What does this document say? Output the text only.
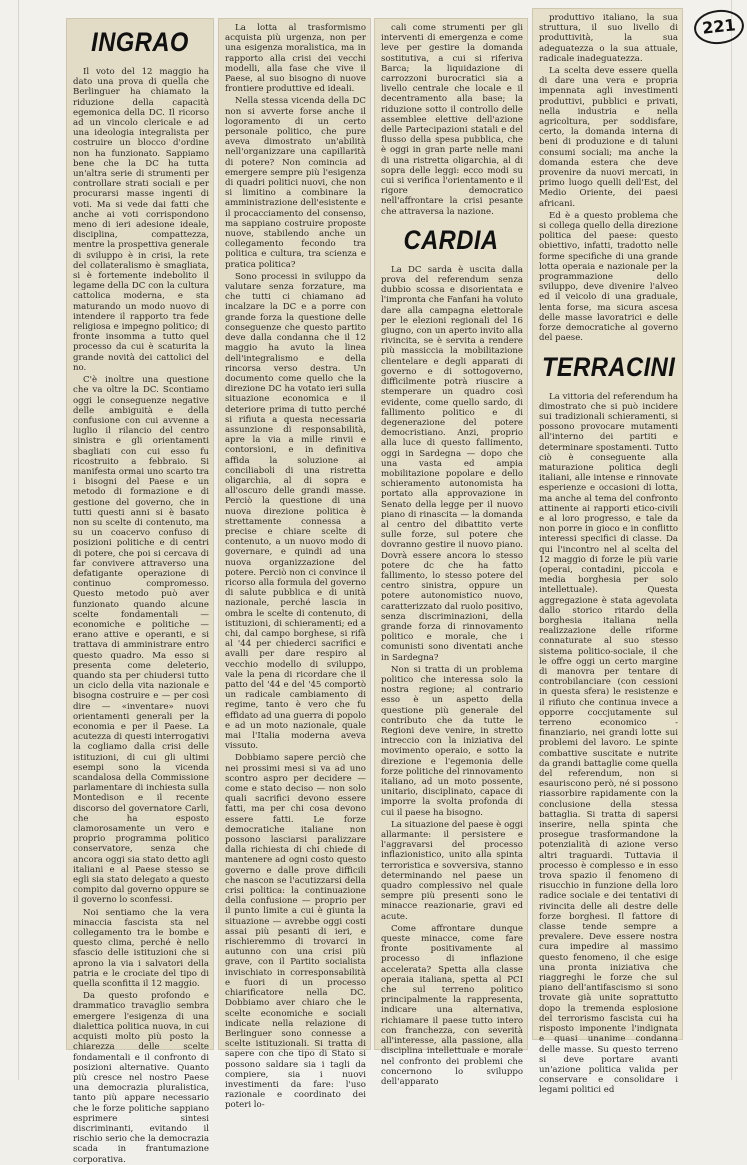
221
INGRAO

Il voto del 12 maggio ha dato una prova di quella che Berlinguer ha chiamato la riduzione della capacità egemonica della DC. Il ricorso ad un vincolo clericale e ad una ideologia integralista per costruire un blocco d'ordine non ha funzionato. Sappiamo bene che la DC ha tutta un'altra serie di strumenti per controllare strati sociali e per procurarsi masse ingenti di voti. Ma si vede dai fatti che anche ai voti corrispondono meno di ieri adesione ideale, disciplina, compattezza, mentre la prospettiva generale di sviluppo è in crisi, la rete del collateralismo è smagliata, si è fortemente indebolito il legame della DC con la cultura cattolica moderna, e sta maturando un modo nuovo di intendere il rapporto tra fede religiosa e impegno politico; di fronte insomma a tutto quel processo da cui è scaturita la grande novità dei cattolici del no.

C'è inoltre una questione che va oltre la DC. Scontiamo oggi le conseguenze negative delle ambiguità e della confusione con cui avvenne a luglio il rilancio del centro sinistra e gli orientamenti sbagliati con cui esso fu ricostruito a febbraio. Si manifesta ormai uno scarto tra i bisogni del Paese e un metodo di formazione e di gestione del governo, che in tutti questi anni si è basato non su scelte di contenuto, ma su un coacervo confuso di posizioni politiche e di centri di potere, che poi si cercava di far convivere attraverso una defatigante operazione di continuo compromesso. Questo metodo può aver funzionato quando alcune scelte fondamentali — economiche e politiche — erano attive e operanti, e si trattava di amministrare entro questo quadro. Ma esso si presenta come deleterio, quando sta per chiudersi tutto un ciclo della vita nazionale e bisogna costruire e — per così dire — «inventare» nuovi orientamenti generali per la economia e per il Paese. La acutezza di questi interrogativi la cogliamo dalla crisi delle istituzioni, di cui gli ultimi esempi sono la vicenda scandalosa della Commissione parlamentare di inchiesta sulla Montedison e il recente discorso del governatore Carli, che ha esposto clamorosamente un vero e proprio programma politico conservatore, senza che ancora oggi sia stato detto agli italiani e al Paese stesso se egli sia stato delegato a questo compito dal governo oppure se il governo lo sconfessi.

Noi sentiamo che la vera minaccia fascista sta nel collegamento tra le bombe e questo clima, perché è nello sfascio delle istituzioni che si aprono la via i salvatori della patria e le crociate del tipo di quella sconfitta il 12 maggio.

Da questo profondo e drammatico travaglio sembra emergere l'esigenza di una dialettica politica nuova, in cui acquisti molto più posto la chiarezza delle scelte fondamentali e il confronto di posizioni alternative. Quanto più cresce nel nostro Paese una democrazia pluralistica, tanto più appare necessario che le forze politiche sappiano esprimere sintesi discriminanti, evitando il rischio serio che la democrazia scada in frantumazione corporativa.

La lotta al trasformismo acquista più urgenza, non per una esigenza moralistica, ma in rapporto alla crisi dei vecchi modelli, alla fase che vive il Paese, al suo bisogno di nuove frontiere produttive ed ideali.

Nella stessa vicenda della DC non si avverte forse anche il logoramento di un certo personale politico, che pure aveva dimostrato un'abilità nell'organizzare una capillarità di potere? Non comincia ad emergere sempre più l'esigenza di quadri politici nuovi, che non si limitino a combinare la amministrazione dell'esistente e il procacciamento del consenso, ma sappiano costruire proposte nuove, stabilendo anche un collegamento fecondo tra politica e cultura, tra scienza e pratica politica?

Sono processi in sviluppo da valutare senza forzature, ma che tutti ci chiamano ad incalzare la DC e a porre con grande forza la questione delle conseguenze che questo partito deve dalla condanna che il 12 maggio ha avuto la linea dell'integralismo e della rincorsa verso destra. Un documento come quello che la direzione DC ha votato ieri sulla situazione economica e il deteriore prima di tutto perché si rifiuta a questa necessaria assunzione di responsabilità, apre la via a mille rinvii e contorsioni, e in definitiva affida la soluzione ai conciliaboli di una ristretta oligarchia, al di sopra e all'oscuro delle grandi masse. Perciò la questione di una nuova direzione politica è strettamente connessa a precise e chiare scelte di contenuto, a un nuovo modo di governare, e quindi ad una nuova organizzazione del potere. Perciò non ci convince il ricorso alla formula del governo di salute pubblica e di unità nazionale, perché lascia in ombra le scelte di contenuto, di istituzioni, di schieramenti; ed a chi, dal campo borghese, si rifà al '44 per chiederci sacrifici e avalli per dare respiro al vecchio modello di sviluppo, vale la pena di ricordare che il patto del '44 e del '45 comportò un radicale cambiamento di regime, tanto è vero che fu effidato ad una guerra di popolo e ad un moto nazionale, quale mai l'Italia moderna aveva vissuto.

Dobbiamo sapere perciò che nei prossimi mesi si va ad uno scontro aspro per decidere — come e stato deciso — non solo quali sacrifici devono essere fatti, ma per chi cosa devono essere fatti. Le forze democratiche italiane non possono lasciarsi paralizzare dalla richiesta di chi chiede di mantenere ad ogni costo questo governo e dalle prove difficili che nascon se l'acutizzarsi della crisi politica: la continuazione della confusione — proprio per il punto limite a cui è giunta la situazione — avrebbe oggi costi assai più pesanti di ieri, e rischieremmo di trovarci in autunno con una crisi più grave, con il Partito socialista invischiato in corresponsabilità e fuori di un processo chiarificatore nella DC. Dobbiamo aver chiaro che le scelte economiche e sociali indicate nella relazione di Berlinguer sono connesse a scelte istituzionali. Si tratta di sapere con che tipo di Stato si possono saldare sia i tagli da compiere, sia i nuovi investimenti da fare: l'uso razionale e coordinato dei poteri lo-

cali come strumenti per gli interventi di emergenza e come leve per gestire la domanda sostitutiva, a cui si riferiva Barca; la liquidazione di carrozzoni burocratici sia a livello centrale che locale e il decentramento alla base; la riduzione sotto il controllo delle assemblee elettive dell'azione delle Partecipazioni statali e del flusso della spesa pubblica, che è oggi in gran parte nelle mani di una ristretta oligarchia, al di sopra delle leggi: ecco modi su cui si verifica l'orientamento e il rigore democratico nell'affrontare la crisi pesante che attraversa la nazione.

CARDIA

La DC sarda è uscita dalla prova del referendum senza dubbio scossa e disorientata e l'impronta che Fanfani ha voluto dare alla campagna elettorale per le elezioni regionali del 16 giugno, con un aperto invito alla rivincita, se è servita a rendere più massiccia la mobilitazione clientelare e degli apparati di governo e di sottogoverno, difficilmente potrà riuscire a stemperare un quadro così evidente, come quello sardo, di fallimento politico e di degenerazione del potere democristiano. Anzi, proprio alla luce di questo fallimento, oggi in Sardegna — dopo che una vasta ed ampia mobilitazione popolare e dello schieramento autonomista ha portato alla approvazione in Senato della legge per il nuovo piano di rinascita — la domanda al centro del dibattito verte sulle forze, sul potere che dovranno gestire il nuovo piano. Dovrà essere ancora lo stesso potere dc che ha fatto fallimento, lo stesso potere del centro sinistra, oppure un potere autonomistico nuovo, caratterizzato dal ruolo positivo, senza discriminazioni, della grande forza di rinnovamento politico e morale, che i comunisti sono diventati anche in Sardegna?

Non si tratta di un problema politico che interessa solo la nostra regione; al contrario esso è un aspetto della questione più generale del contributo che da tutte le Regioni deve venire, in stretto intreccio con la iniziativa del movimento operaio, e sotto la direzione e l'egemonia delle forze politiche del rinnovamento italiano, ad un moto possente, unitario, disciplinato, capace di imporre la svolta profonda di cui il paese ha bisogno.

La situazione del paese è oggi allarmante: il persistere e l'aggravarsi del processo inflazionistico, unito alla spinta terroristica e sovversiva, stanno determinando nel paese un quadro complessivo nel quale sempre più presenti sono le minacce reazionarie, gravi ed acute.

Come affrontare dunque queste minacce, come fare fronte positivamente al processo di inflazione accelerata? Spetta alla classe operaia italiana, spetta al PCI che sul terreno politico principalmente la rappresenta, indicare una alternativa, richiamare il paese tutto intero con franchezza, con severità all'interesse, alla passione, alla disciplina intellettuale e morale nel confronto dei problemi che concernono lo sviluppo dell'apparato

produttivo italiano, la sua struttura, il suo livello di produttività, la sua adeguatezza o la sua attuale, radicale inadeguatezza.

La scelta deve essere quella di dare una vera e propria impennata agli investimenti produttivi, pubblici e privati, nella industria e nella agricoltura, per soddisfare, certo, la domanda interna di beni di produzione e di taluni consumi sociali; ma anche la domanda estera che deve provenire da nuovi mercati, in primo luogo quelli dell'Est, del Medio Oriente, dei paesi africani.

Ed è a questo problema che si collega quello della direzione politica del paese: questo obiettivo, infatti, tradotto nelle forme specifiche di una grande lotta operaia e nazionale per la programmazione dello sviluppo, deve divenire l'alveo ed il veicolo di una graduale, lenta forse, ma sicura ascesa delle masse lavoratrici e delle forze democratiche al governo del paese.

TERRACINI

La vittoria del referendum ha dimostrato che si può incidere sui tradizionali schieramenti, si possono provocare mutamenti all'interno dei partiti e determinare spostamenti. Tutto ciò è conseguente alla maturazione politica degli italiani, alle intense e rinnovate esperienze e occasioni di lotta, ma anche al tema del confronto attinente ai rapporti etico-civili e al loro progresso, e tale da non porre in gioco e in conflitto interessi specifici di classe. Da qui l'incontro nel al scelta del 12 maggio di forze le più varie (operai, contadini, piccola e media borghesia per solo intellettuale). Questa aggregazione è stata agevolata dallo storico ritardo della borghesia italiana nella realizzazione delle riforme connaturate al suo stesso sistema politico-sociale, il che le offre oggi un certo margine di manovra per tentare di controbilanciare (con cessioni in questa sfera) le resistenze e il rifiuto che continua invece a opporre coccjutamente sul terreno economico - finanziario, nei grandi lotte sui problemi del lavoro. Le spinte combattive suscitate e nutrite da grandi battaglie come quella del referendum, non si esauriscono però, né si possono riassorbire rapidamente con la conclusione della stessa battaglia. Si tratta di sapersi inserire, nella spinta che prosegue trasformandone la potenzialità di azione verso altri traguardi. Tuttavia il processo è complesso e in esso trova spazio il fenomeno di risucchio in funzione della loro radice sociale e dei tentativi di rivincita delle ali destre delle forze borghesi. Il fattore di classe tende sempre a prevalere. Deve essere nostra cura impedire al massimo questo fenomeno, il che esige una pronta iniziativa che riaggreghi le forze che sul piano dell'antifascismo si sono trovate già unite soprattutto dopo la tremenda esplosione del terrorismo fascista cui ha risposto imponente l'indignata e quasi unanime condanna delle masse. Su questo terreno si deve portare avanti un'azione politica valida per conservare e consolidare i legami politici ed
